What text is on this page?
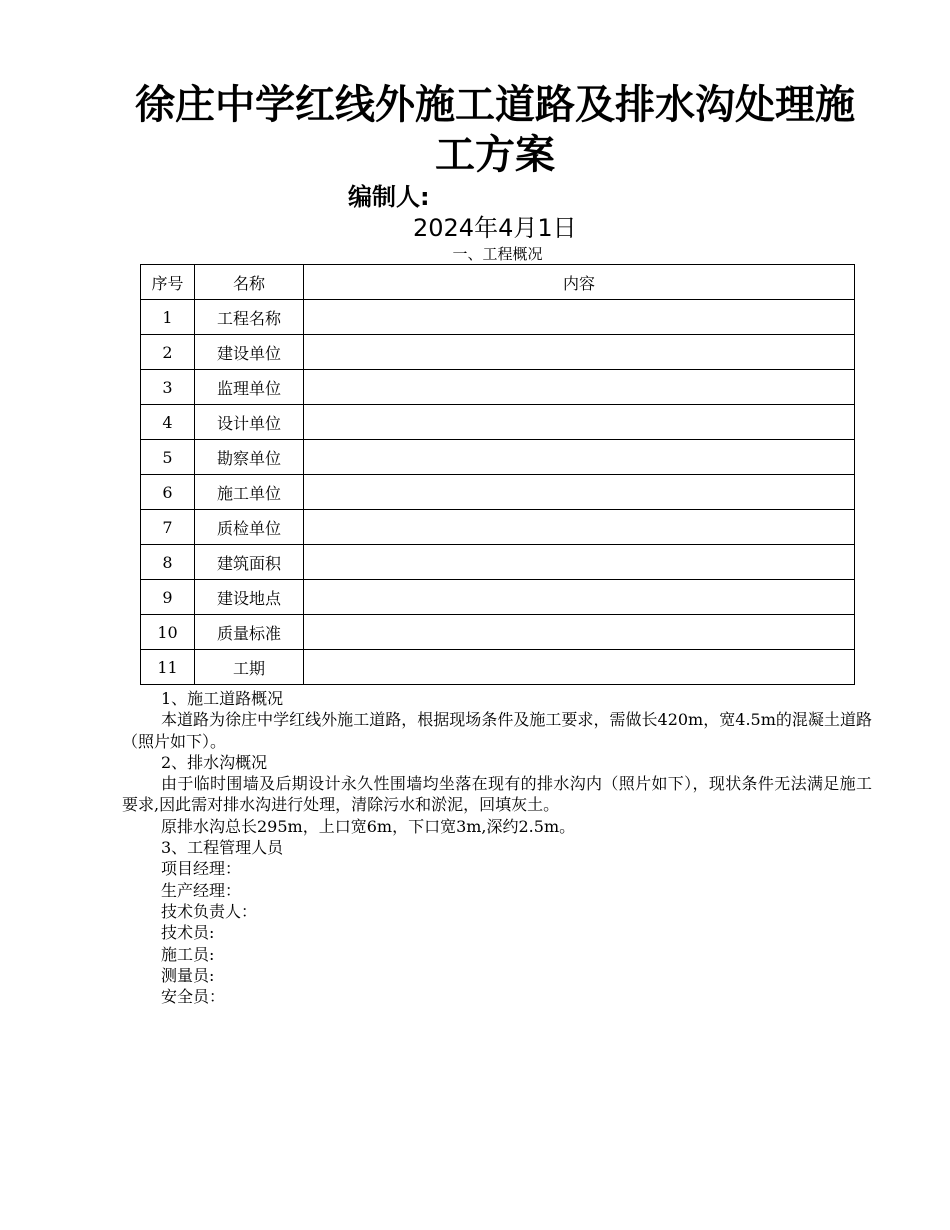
徐庄中学红线外施工道路及排水沟处理施工方案
编制人:
2024年4月1日
一、工程概况
序号	名称	内容
1	工程名称	
2	建设单位	
3	监理单位	
4	设计单位	
5	勘察单位	
6	施工单位	
7	质检单位	
8	建筑面积	
9	建设地点	
10	质量标准	
11	工期	

1、施工道路概况

本道路为徐庄中学红线外施工道路，根据现场条件及施工要求，需做长420m，宽4.5m的混凝土道路（照片如下）。

2、排水沟概况

由于临时围墙及后期设计永久性围墙均坐落在现有的排水沟内（照片如下），现状条件无法满足施工要求,因此需对排水沟进行处理，清除污水和淤泥，回填灰土。

原排水沟总长295m，上口宽6m，下口宽3m,深约2.5m。

3、工程管理人员

项目经理：

生产经理：

技术负责人：

技术员:

施工员:

测量员:

安全员：
